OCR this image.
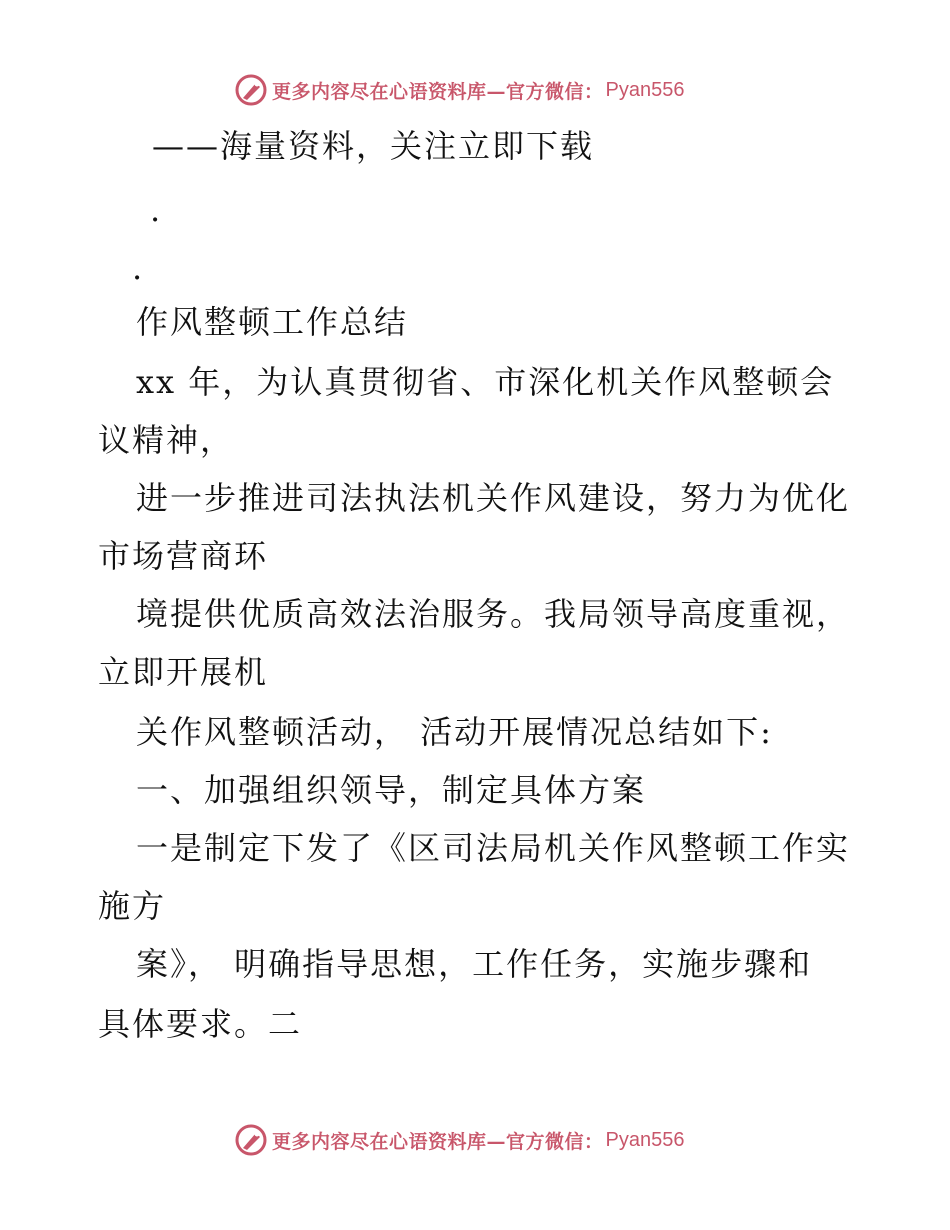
更多内容尽在心语资料库—官方微信： Pyan556
——海量资料，关注立即下载
.
.
作风整顿工作总结
xx 年，为认真贯彻省、市深化机关作风整顿会
议精神，
进一步推进司法执法机关作风建设，努力为优化
市场营商环
境提供优质高效法治服务。我局领导高度重视，
立即开展机
关作风整顿活动， 活动开展情况总结如下:
一、加强组织领导，制定具体方案
一是制定下发了《区司法局机关作风整顿工作实
施方
案》， 明确指导思想，工作任务，实施步骤和
具体要求。二
更多内容尽在心语资料库—官方微信： Pyan556
